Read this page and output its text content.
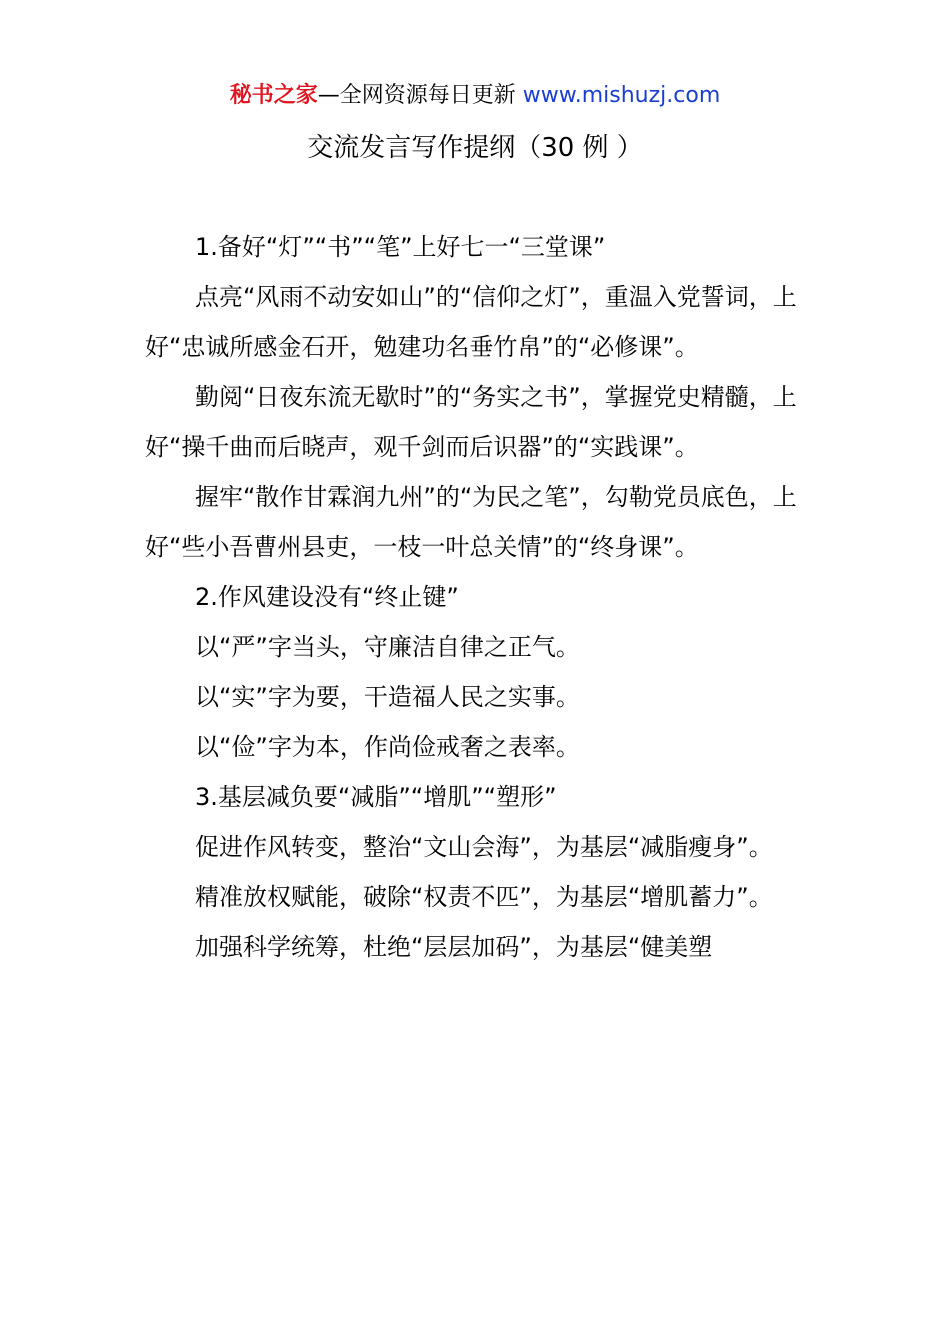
秘书之家—全网资源每日更新 www.mishuzj.com
交流发言写作提纲（30 例 ）

1.备好“灯”“书”“笔”上好七一“三堂课”

点亮“风雨不动安如山”的“信仰之灯”，重温入党誓词，上好“忠诚所感金石开，勉建功名垂竹帛”的“必修课”。

勤阅“日夜东流无歇时”的“务实之书”，掌握党史精髓，上好“操千曲而后晓声，观千剑而后识器”的“实践课”。

握牢“散作甘霖润九州”的“为民之笔”，勾勒党员底色，上好“些小吾曹州县吏，一枝一叶总关情”的“终身课”。

2.作风建设没有“终止键”

以“严”字当头，守廉洁自律之正气。

以“实”字为要，干造福人民之实事。

以“俭”字为本，作尚俭戒奢之表率。

3.基层减负要“减脂”“增肌”“塑形”

促进作风转变，整治“文山会海”，为基层“减脂瘦身”。

精准放权赋能，破除“权责不匹”，为基层“增肌蓄力”。

加强科学统筹，杜绝“层层加码”，为基层“健美塑
